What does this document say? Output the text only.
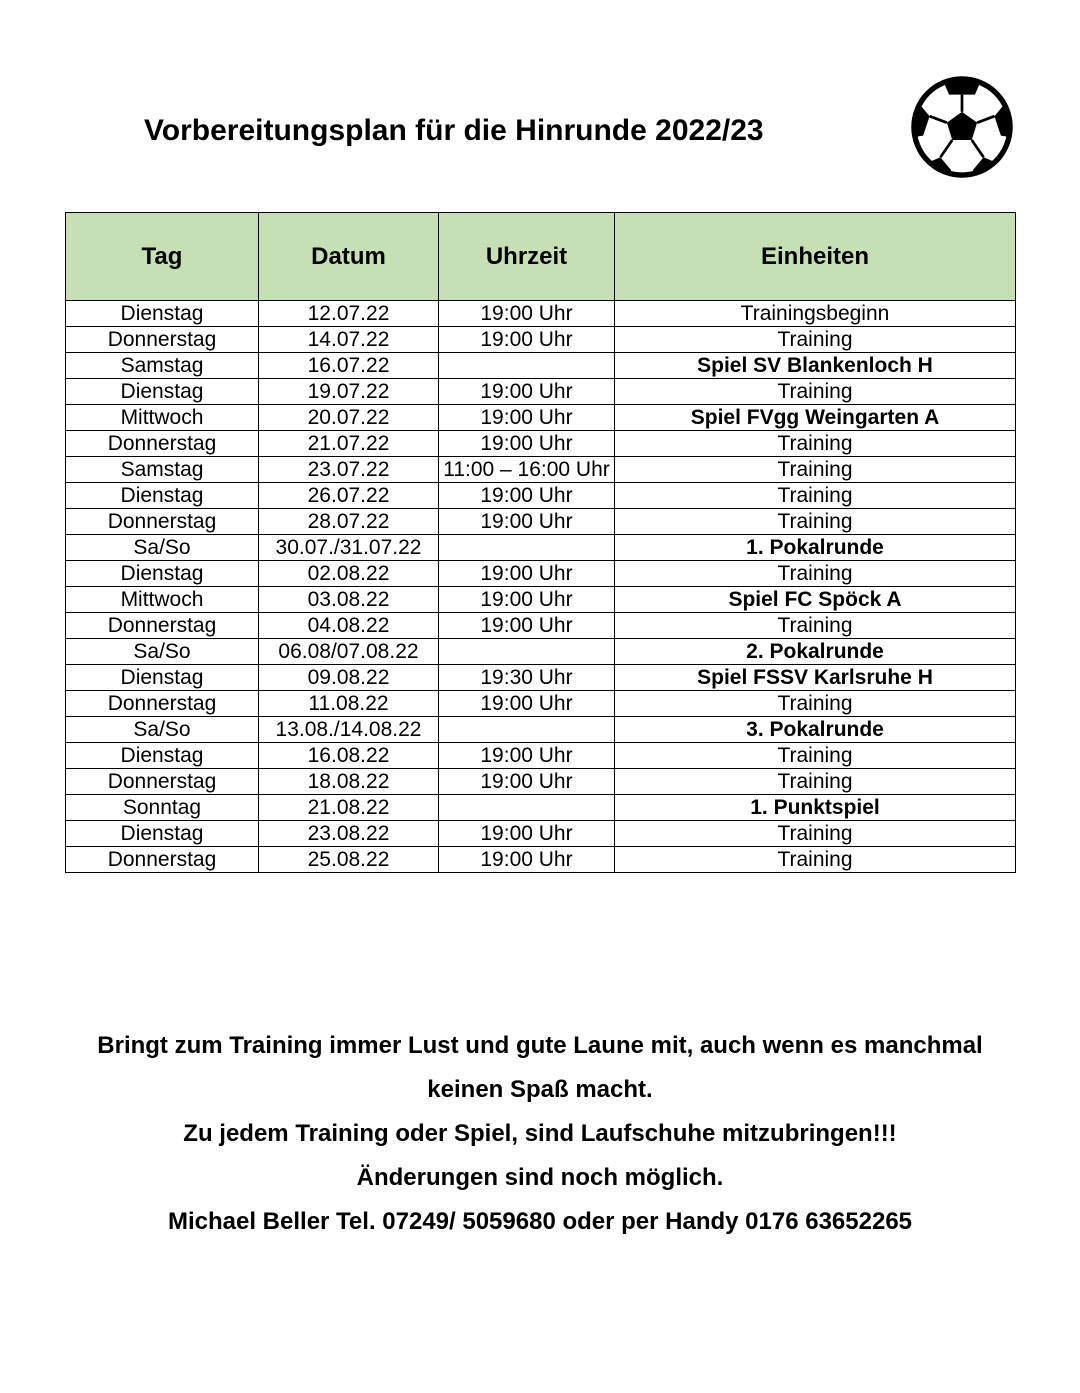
Vorbereitungsplan für die Hinrunde 2022/23
Tag	Datum	Uhrzeit	Einheiten
Dienstag	12.07.22	19:00 Uhr	Trainingsbeginn
Donnerstag	14.07.22	19:00 Uhr	Training
Samstag	16.07.22		Spiel SV Blankenloch H
Dienstag	19.07.22	19:00 Uhr	Training
Mittwoch	20.07.22	19:00 Uhr	Spiel FVgg Weingarten A
Donnerstag	21.07.22	19:00 Uhr	Training
Samstag	23.07.22	11:00 – 16:00 Uhr	Training
Dienstag	26.07.22	19:00 Uhr	Training
Donnerstag	28.07.22	19:00 Uhr	Training
Sa/So	30.07./31.07.22		1. Pokalrunde
Dienstag	02.08.22	19:00 Uhr	Training
Mittwoch	03.08.22	19:00 Uhr	Spiel FC Spöck A
Donnerstag	04.08.22	19:00 Uhr	Training
Sa/So	06.08/07.08.22		2. Pokalrunde
Dienstag	09.08.22	19:30 Uhr	Spiel FSSV Karlsruhe H
Donnerstag	11.08.22	19:00 Uhr	Training
Sa/So	13.08./14.08.22		3. Pokalrunde
Dienstag	16.08.22	19:00 Uhr	Training
Donnerstag	18.08.22	19:00 Uhr	Training
Sonntag	21.08.22		1. Punktspiel
Dienstag	23.08.22	19:00 Uhr	Training
Donnerstag	25.08.22	19:00 Uhr	Training

Bringt zum Training immer Lust und gute Laune mit, auch wenn es manchmal keinen Spaß macht.

Zu jedem Training oder Spiel, sind Laufschuhe mitzubringen!!!

Änderungen sind noch möglich.

Michael Beller Tel. 07249/ 5059680 oder per Handy 0176 63652265
